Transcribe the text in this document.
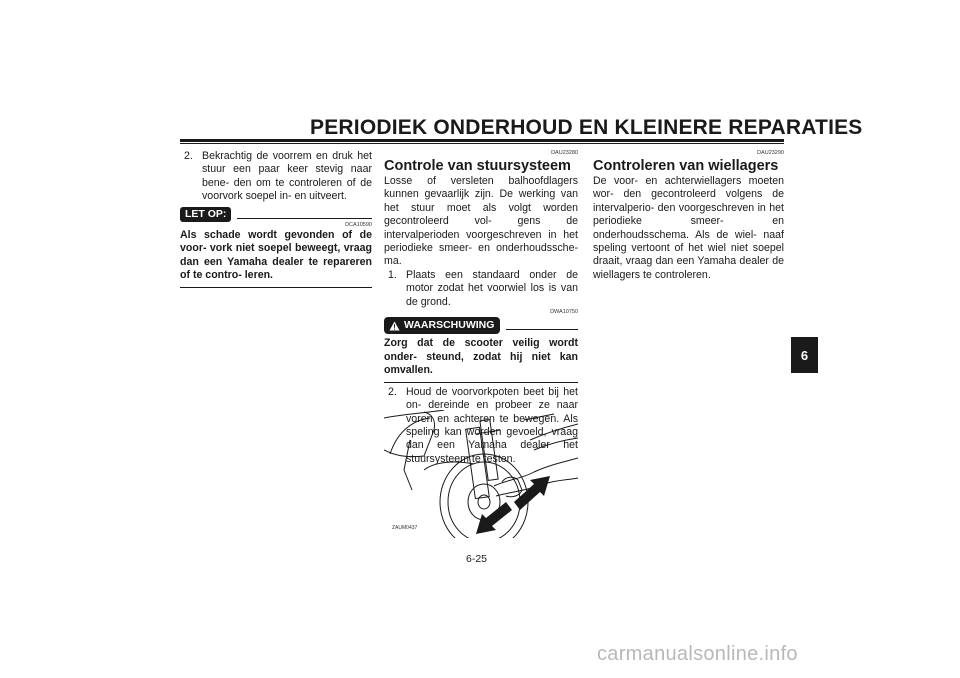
PERIODIEK ONDERHOUD EN KLEINERE REPARATIES
2. Bekrachtig de voorrem en druk het stuur een paar keer stevig naar bene- den om te controleren of de voorvork soepel in- en uitveert.
LET OP:
DCA10590
Als schade wordt gevonden of de voor- vork niet soepel beweegt, vraag dan een Yamaha dealer te repareren of te contro- leren.
DAU23280
Controle van stuursysteem
Losse of versleten balhoofdlagers kunnen gevaarlijk zijn. De werking van het stuur moet als volgt worden gecontroleerd vol- gens de intervalperioden voorgeschreven in het periodieke smeer- en onderhoudssche- ma.
1. Plaats een standaard onder de motor zodat het voorwiel los is van de grond.
DWA10750
WAARSCHUWING
Zorg dat de scooter veilig wordt onder- steund, zodat hij niet kan omvallen.
2. Houd de voorvorkpoten beet bij het on- dereinde en probeer ze naar voren en achteren te bewegen. Als speling kan worden gevoeld, vraag dan een Yamaha dealer het stuursysteem te testen.
ZAUM0437
DAU23290
Controleren van wiellagers
De voor- en achterwiellagers moeten wor- den gecontroleerd volgens de intervalperio- den voorgeschreven in het periodieke smeer- en onderhoudsschema. Als de wiel- naaf speling vertoont of het wiel niet soepel draait, vraag dan een Yamaha dealer de wiellagers te controleren.
6-25
6
carmanualsonline.info
